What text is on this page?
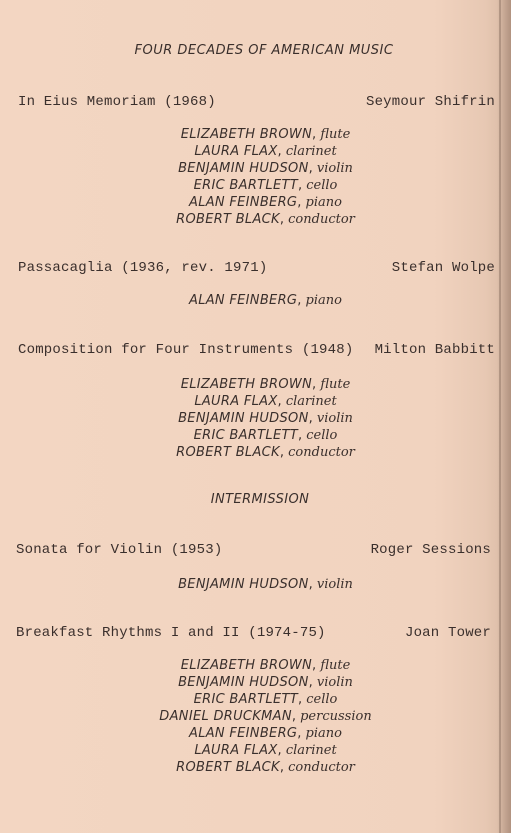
FOUR DECADES OF AMERICAN MUSIC
In Eius Memoriam (1968)	Seymour Shifrin
ELIZABETH BROWN, flute
LAURA FLAX, clarinet
BENJAMIN HUDSON, violin
ERIC BARTLETT, cello
ALAN FEINBERG, piano
ROBERT BLACK, conductor
Passacaglia (1936, rev. 1971)	Stefan Wolpe
ALAN FEINBERG, piano
Composition for Four Instruments (1948) Milton Babbitt
ELIZABETH BROWN, flute
LAURA FLAX, clarinet
BENJAMIN HUDSON, violin
ERIC BARTLETT, cello
ROBERT BLACK, conductor
INTERMISSION
Sonata for Violin (1953)	Roger Sessions
BENJAMIN HUDSON, violin
Breakfast Rhythms I and II (1974-75)	Joan Tower
ELIZABETH BROWN, flute
BENJAMIN HUDSON, violin
ERIC BARTLETT, cello
DANIEL DRUCKMAN, percussion
ALAN FEINBERG, piano
LAURA FLAX, clarinet
ROBERT BLACK, conductor
